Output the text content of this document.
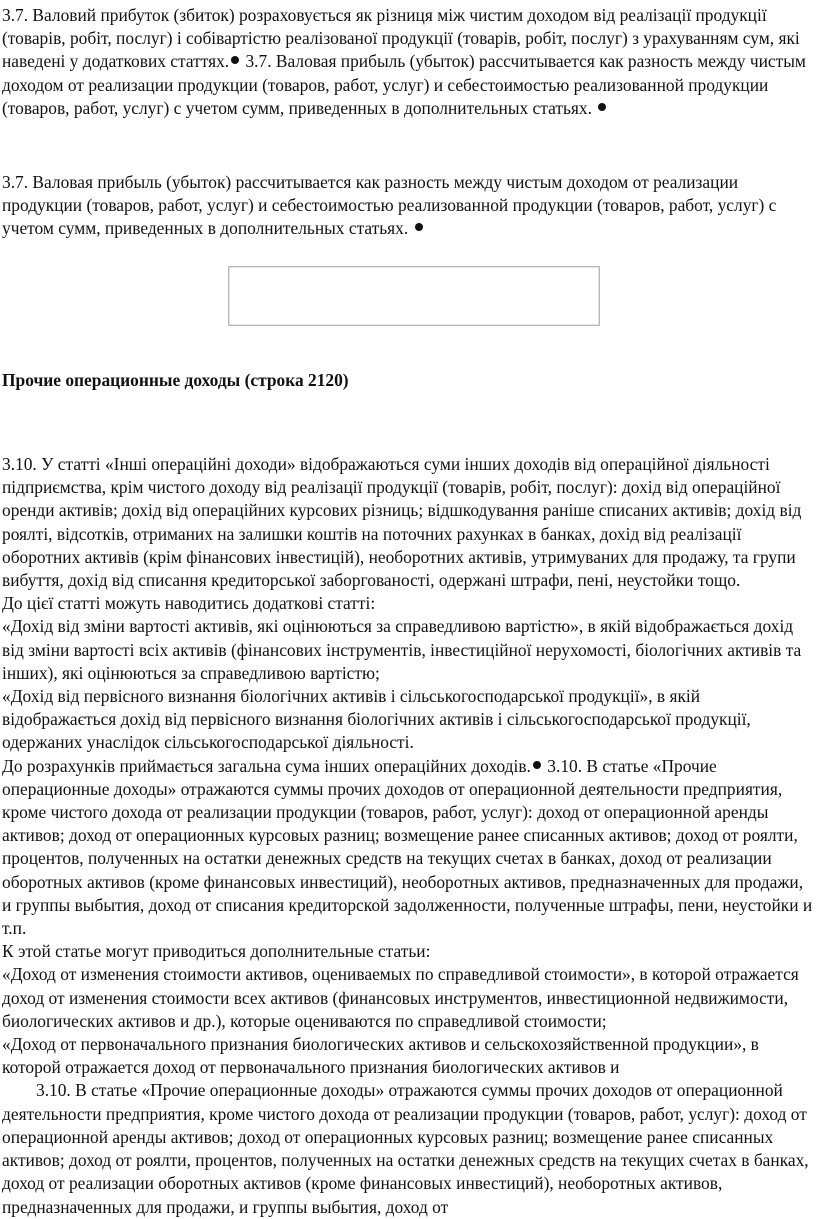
3.7. Валовий прибуток (збиток) розраховується як різниця між чистим доходом від реалізації продукції (товарів, робіт, послуг) і собівартістю реалізованої продукції (товарів, робіт, послуг) з урахуванням сум, які наведені у додаткових статтях. 3.7. Валовая прибыль (убыток) рассчитывается как разность между чистым доходом от реализации продукции (товаров, работ, услуг) и себестоимостью реализованной продукции (товаров, работ, услуг) с учетом сумм, приведенных в дополнительных статьях.

3.7. Валовая прибыль (убыток) рассчитывается как разность между чистым доходом от реализации продукции (товаров, работ, услуг) и себестоимостью реализованной продукции (товаров, работ, услуг) с учетом сумм, приведенных в дополнительных статьях.

Прочие операционные доходы (строка 2120)

3.10. У статті «Інші операційні доходи» відображаються суми інших доходів від операційної діяльності підприємства, крім чистого доходу від реалізації продукції (товарів, робіт, послуг): дохід від операційної оренди активів; дохід від операційних курсових різниць; відшкодування раніше списаних активів; дохід від роялті, відсотків, отриманих на залишки коштів на поточних рахунках в банках, дохід від реалізації оборотних активів (крім фінансових інвестицій), необоротних активів, утримуваних для продажу, та групи вибуття, дохід від списання кредиторської заборгованості, одержані штрафи, пені, неустойки тощо.
До цієї статті можуть наводитись додаткові статті:
«Дохід від зміни вартості активів, які оцінюються за справедливою вартістю», в якій відображається дохід від зміни вартості всіх активів (фінансових інструментів, інвестиційної нерухомості, біологічних активів та інших), які оцінюються за справедливою вартістю;
«Дохід від первісного визнання біологічних активів і сільськогосподарської продукції», в якій відображається дохід від первісного визнання біологічних активів і сільськогосподарської продукції, одержаних унаслідок сільськогосподарської діяльності.
До розрахунків приймається загальна сума інших операційних доходів. 3.10. В статье «Прочие операционные доходы» отражаются суммы прочих доходов от операционной деятельности предприятия, кроме чистого дохода от реализации продукции (товаров, работ, услуг): доход от операционной аренды активов; доход от операционных курсовых разниц; возмещение ранее списанных активов; доход от роялти, процентов, полученных на остатки денежных средств на текущих счетах в банках, доход от реализации оборотных активов (кроме финансовых инвестиций), необоротных активов, предназначенных для продажи, и группы выбытия, доход от списания кредиторской задолженности, полученные штрафы, пени, неустойки и т.п.
К этой статье могут приводиться дополнительные статьи:
«Доход от изменения стоимости активов, оцениваемых по справедливой стоимости», в которой отражается доход от изменения стоимости всех активов (финансовых инструментов, инвестиционной недвижимости, биологических активов и др.), которые оцениваются по справедливой стоимости;
«Доход от первоначального признания биологических активов и сельскохозяйственной продукции», в которой отражается доход от первоначального признания биологических активов и
3.10. В статье «Прочие операционные доходы» отражаются суммы прочих доходов от операционной деятельности предприятия, кроме чистого дохода от реализации продукции (товаров, работ, услуг): доход от операционной аренды активов; доход от операционных курсовых разниц; возмещение ранее списанных активов; доход от роялти, процентов, полученных на остатки денежных средств на текущих счетах в банках, доход от реализации оборотных активов (кроме финансовых инвестиций), необоротных активов, предназначенных для продажи, и группы выбытия, доход от
